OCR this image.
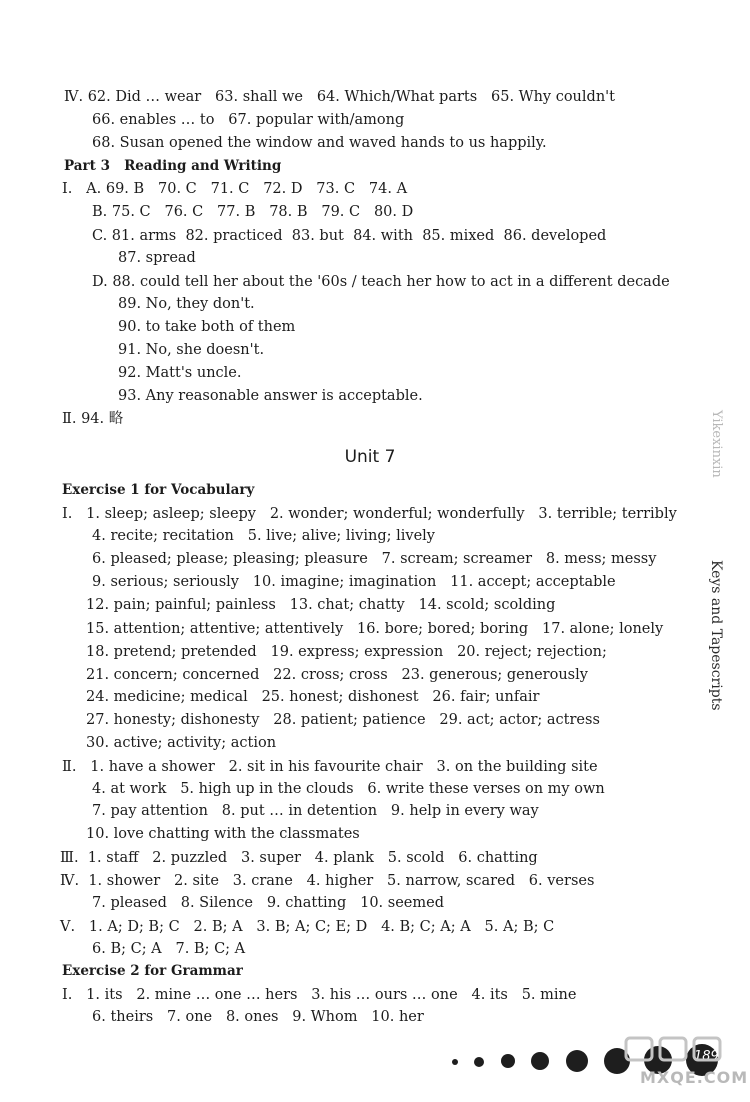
Ⅳ. 62. Did … wear   63. shall we   64. Which/What parts   65. Why couldn't
66. enables … to   67. popular with/among
68. Susan opened the window and waved hands to us happily.
Part 3   Reading and Writing
Ⅰ.   A. 69. B   70. C   71. C   72. D   73. C   74. A
B. 75. C   76. C   77. B   78. B   79. C   80. D
C. 81. arms  82. practiced  83. but  84. with  85. mixed  86. developed
87. spread
D. 88. could tell her about the '60s / teach her how to act in a different decade
89. No, they don't.
90. to take both of them
91. No, she doesn't.
92. Matt's uncle.
93. Any reasonable answer is acceptable.
Ⅱ. 94. 略
Unit 7
Exercise 1 for Vocabulary
Ⅰ.   1. sleep; asleep; sleepy   2. wonder; wonderful; wonderfully   3. terrible; terribly
4. recite; recitation   5. live; alive; living; lively
6. pleased; please; pleasing; pleasure   7. scream; screamer   8. mess; messy
9. serious; seriously   10. imagine; imagination   11. accept; acceptable
12. pain; painful; painless   13. chat; chatty   14. scold; scolding
15. attention; attentive; attentively   16. bore; bored; boring   17. alone; lonely
18. pretend; pretended   19. express; expression   20. reject; rejection;
21. concern; concerned   22. cross; cross   23. generous; generously
24. medicine; medical   25. honest; dishonest   26. fair; unfair
27. honesty; dishonesty   28. patient; patience   29. act; actor; actress
30. active; activity; action
Ⅱ.   1. have a shower   2. sit in his favourite chair   3. on the building site
4. at work   5. high up in the clouds   6. write these verses on my own
7. pay attention   8. put … in detention   9. help in every way
10. love chatting with the classmates
Ⅲ.  1. staff   2. puzzled   3. super   4. plank   5. scold   6. chatting
Ⅳ.  1. shower   2. site   3. crane   4. higher   5. narrow, scared   6. verses
7. pleased   8. Silence   9. chatting   10. seemed
Ⅴ.   1. A; D; B; C   2. B; A   3. B; A; C; E; D   4. B; C; A; A   5. A; B; C
6. B; C; A   7. B; C; A
Exercise 2 for Grammar
Ⅰ.   1. its   2. mine … one … hers   3. his … ours … one   4. its   5. mine
6. theirs   7. one   8. ones   9. Whom   10. her
Yikexinxin
Keys and Tapescripts
189
MXQE.COM
